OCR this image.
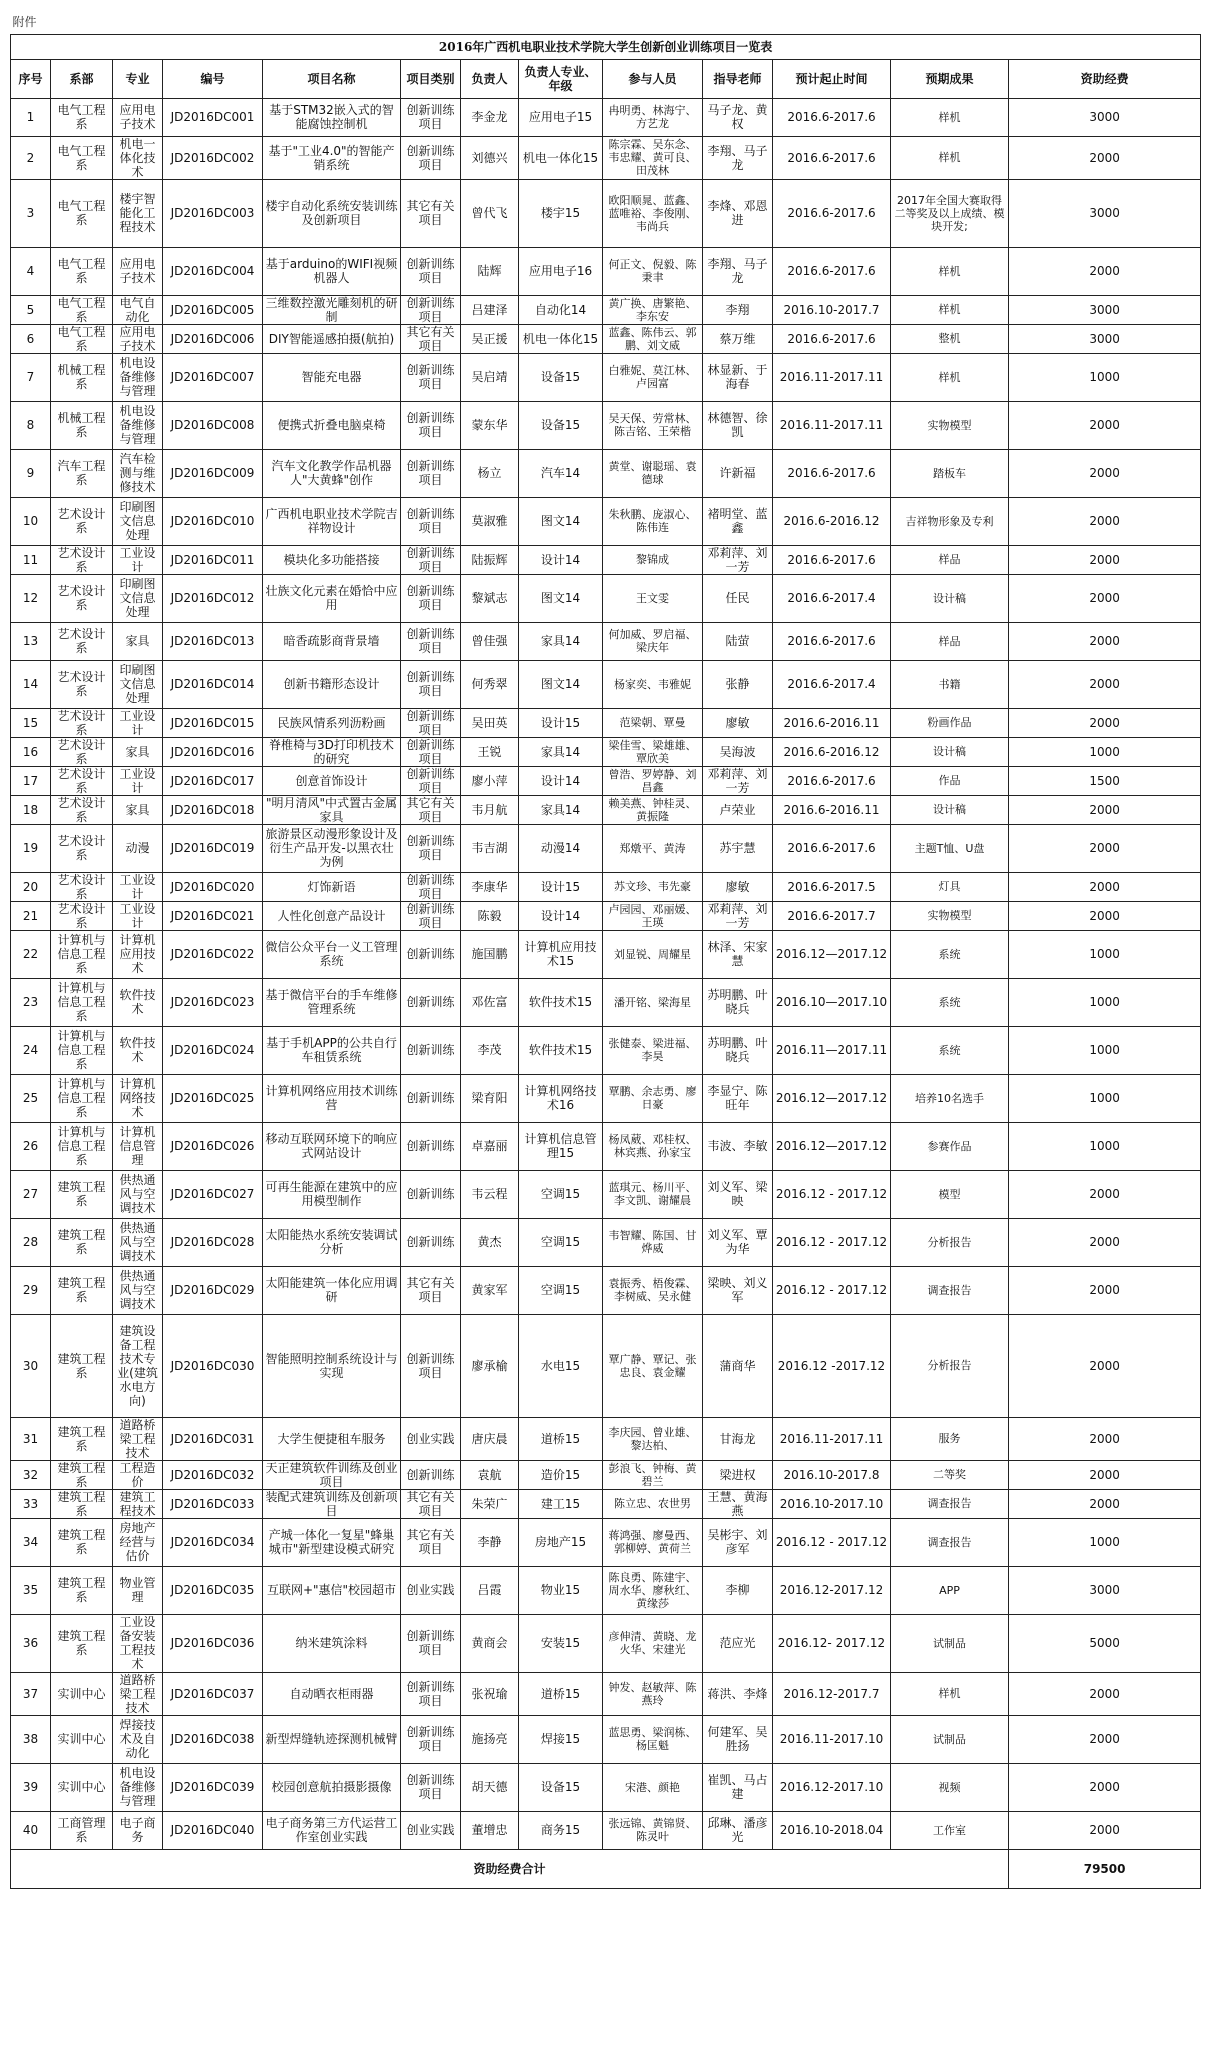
附件												
2016年广西机电职业技术学院大学生创新创业训练项目一览表												
序号	系部	专业	编号	项目名称	项目类别	负责人	负责人专业、年级	参与人员	指导老师	预计起止时间	预期成果	资助经费
1	电气工程系	应用电子技术	JD2016DC001	基于STM32嵌入式的智能腐蚀控制机	创新训练项目	李金龙	应用电子15	冉明勇、林海宁、方艺龙	马子龙、黄权	2016.6-2017.6	样机	3000
2	电气工程系	机电一体化技术	JD2016DC002	基于"工业4.0"的智能产销系统	创新训练项目	刘德兴	机电一体化15	陈宗霖、吴东念、韦忠耀、黄可良、田茂林	李翔、马子龙	2016.6-2017.6	样机	2000
3	电气工程系	楼宇智能化工程技术	JD2016DC003	楼宇自动化系统安装训练及创新项目	其它有关项目	曾代飞	楼宇15	欧阳顺晁、蓝鑫、蓝唯裕、李俊刚、韦尚兵	李烽、邓恩进	2016.6-2017.6	2017年全国大赛取得二等奖及以上成绩、模块开发;	3000
4	电气工程系	应用电子技术	JD2016DC004	基于arduino的WIFI视频机器人	创新训练项目	陆辉	应用电子16	何正文、倪毅、陈秉聿	李翔、马子龙	2016.6-2017.6	样机	2000
5	电气工程系	电气自动化	JD2016DC005	三维数控激光雕刻机的研制	创新训练项目	吕建泽	自动化14	黄广换、唐繁艳、李东安	李翔	2016.10-2017.7	样机	3000
6	电气工程系	应用电子技术	JD2016DC006	DIY智能遥感拍摄(航拍)	其它有关项目	吴正援	机电一体化15	蓝鑫、陈伟云、郭鹏、刘文威	蔡万维	2016.6-2017.6	整机	3000
7	机械工程系	机电设备维修与管理	JD2016DC007	智能充电器	创新训练项目	吴启靖	设备15	白雅妮、莫江林、卢园富	林显新、于海春	2016.11-2017.11	样机	1000
8	机械工程系	机电设备维修与管理	JD2016DC008	便携式折叠电脑桌椅	创新训练项目	蒙东华	设备15	吴天保、劳常林、陈吉铭、王荣楷	林德智、徐凯	2016.11-2017.11	实物模型	2000
9	汽车工程系	汽车检测与维修技术	JD2016DC009	汽车文化教学作品机器人"大黄蜂"创作	创新训练项目	杨立	汽车14	黄堂、谢聪瑶、袁德球	许新福	2016.6-2017.6	踏板车	2000
10	艺术设计系	印刷图文信息处理	JD2016DC010	广西机电职业技术学院吉祥物设计	创新训练项目	莫淑雅	图文14	朱秋鹏、庞淑心、陈伟连	褚明堂、蓝鑫	2016.6-2016.12	吉祥物形象及专利	2000
11	艺术设计系	工业设计	JD2016DC011	模块化多功能搭接	创新训练项目	陆振辉	设计14	黎锦成	邓莉萍、刘一芳	2016.6-2017.6	样品	2000
12	艺术设计系	印刷图文信息处理	JD2016DC012	壮族文化元素在婚恰中应用	创新训练项目	黎斌志	图文14	王文雯	任民	2016.6-2017.4	设计稿	2000
13	艺术设计系	家具	JD2016DC013	暗香疏影商背景墙	创新训练项目	曾佳强	家具14	何加威、罗启福、梁庆年	陆萤	2016.6-2017.6	样品	2000
14	艺术设计系	印刷图文信息处理	JD2016DC014	创新书籍形态设计	创新训练项目	何秀翠	图文14	杨家奕、韦雅妮	张静	2016.6-2017.4	书籍	2000
15	艺术设计系	工业设计	JD2016DC015	民族风情系列沥粉画	创新训练项目	吴田英	设计15	范梁朝、覃曼	廖敏	2016.6-2016.11	粉画作品	2000
16	艺术设计系	家具	JD2016DC016	脊椎椅与3D打印机技术的研究	创新训练项目	王锐	家具14	梁佳雪、梁雄雄、覃欣美	吴海波	2016.6-2016.12	设计稿	1000
17	艺术设计系	工业设计	JD2016DC017	创意首饰设计	创新训练项目	廖小萍	设计14	曾浩、罗婷静、刘昌鑫	邓莉萍、刘一芳	2016.6-2017.6	作品	1500
18	艺术设计系	家具	JD2016DC018	"明月清风"中式置古金属家具	其它有关项目	韦月航	家具14	赖美燕、钟桂灵、黄振隆	卢荣业	2016.6-2016.11	设计稿	2000
19	艺术设计系	动漫	JD2016DC019	旅游景区动漫形象设计及衍生产品开发-以黑衣壮为例	创新训练项目	韦吉湖	动漫14	郑燉平、黄涛	苏宇慧	2016.6-2017.6	主题T恤、U盘	2000
20	艺术设计系	工业设计	JD2016DC020	灯饰新语	创新训练项目	李康华	设计15	苏文珍、韦先豪	廖敏	2016.6-2017.5	灯具	2000
21	艺术设计系	工业设计	JD2016DC021	人性化创意产品设计	创新训练项目	陈毅	设计14	卢园园、邓丽媛、王瑛	邓莉萍、刘一芳	2016.6-2017.7	实物模型	2000
22	计算机与信息工程系	计算机应用技术	JD2016DC022	微信公众平台一义工管理系统	创新训练	施国鹏	计算机应用技术15	刘显锐、周耀星	林泽、宋家慧	2016.12—2017.12	系统	1000
23	计算机与信息工程系	软件技术	JD2016DC023	基于微信平台的手车维修管理系统	创新训练	邓佐富	软件技术15	潘开铭、梁海星	苏明鹏、叶晓兵	2016.10—2017.10	系统	1000
24	计算机与信息工程系	软件技术	JD2016DC024	基于手机APP的公共自行车租赁系统	创新训练	李茂	软件技术15	张健泰、梁进福、李昊	苏明鹏、叶晓兵	2016.11—2017.11	系统	1000
25	计算机与信息工程系	计算机网络技术	JD2016DC025	计算机网络应用技术训练营	创新训练	梁育阳	计算机网络技术16	覃鹏、余志勇、廖日豪	李显宁、陈旺年	2016.12—2017.12	培养10名选手	1000
26	计算机与信息工程系	计算机信息管理	JD2016DC026	移动互联网环境下的响应式网站设计	创新训练	卓嘉丽	计算机信息管理15	杨凤葳、邓桂权、林宾燕、孙家宝	韦波、李敏	2016.12—2017.12	参赛作品	1000
27	建筑工程系	供热通风与空调技术	JD2016DC027	可再生能源在建筑中的应用模型制作	创新训练	韦云程	空调15	蓝琪元、杨川平、李文凯、谢耀晨	刘义军、梁映	2016.12 - 2017.12	模型	2000
28	建筑工程系	供热通风与空调技术	JD2016DC028	太阳能热水系统安装调试分析	创新训练	黄杰	空调15	韦智耀、陈国、甘烨威	刘义军、覃为华	2016.12 - 2017.12	分析报告	2000
29	建筑工程系	供热通风与空调技术	JD2016DC029	太阳能建筑一体化应用调研	其它有关项目	黄家军	空调15	袁振秀、梧俊霖、李树威、吴永健	梁映、刘义军	2016.12 - 2017.12	调查报告	2000
30	建筑工程系	建筑设备工程技术专业(建筑水电方向)	JD2016DC030	智能照明控制系统设计与实现	创新训练项目	廖承榆	水电15	覃广静、覃记、张忠良、袁金耀	蒲商华	2016.12 -2017.12	分析报告	2000
31	建筑工程系	道路桥梁工程技术	JD2016DC031	大学生便捷租车服务	创业实践	唐庆晨	道桥15	李庆园、曾业雄、黎达柏、	甘海龙	2016.11-2017.11	服务	2000
32	建筑工程系	工程造价	JD2016DC032	天正建筑软件训练及创业项目	创新训练	袁航	造价15	彭浪飞、钟梅、黄碧兰	梁进权	2016.10-2017.8	二等奖	2000
33	建筑工程系	建筑工程技术	JD2016DC033	装配式建筑训练及创新项目	其它有关项目	朱荣广	建工15	陈立忠、农世男	王慧、黄海燕	2016.10-2017.10	调查报告	2000
34	建筑工程系	房地产经营与估价	JD2016DC034	产城一体化一复星"蜂巢城市"新型建设模式研究	其它有关项目	李静	房地产15	蒋鸿强、廖曼西、郭柳婷、黄荷兰	吴彬宇、刘彦军	2016.12 - 2017.12	调查报告	1000
35	建筑工程系	物业管理	JD2016DC035	互联网+"惠信"校园超市	创业实践	吕霞	物业15	陈良勇、陈建宇、周水华、廖秋红、黄缘莎	李柳	2016.12-2017.12	APP	3000
36	建筑工程系	工业设备安装工程技术	JD2016DC036	纳米建筑涂料	创新训练项目	黄商会	安装15	彦伸清、黄晓、龙火华、宋建光	范应光	2016.12- 2017.12	试制品	5000
37	实训中心	道路桥梁工程技术	JD2016DC037	自动晒衣柜雨器	创新训练项目	张祝瑜	道桥15	钟发、赵敏萍、陈燕玲	蒋洪、李烽	2016.12-2017.7	样机	2000
38	实训中心	焊接技术及自动化	JD2016DC038	新型焊缝轨迹探测机械臂	创新训练项目	施扬亮	焊接15	蓝思勇、梁润栋、杨匡魁	何建军、吴胜扬	2016.11-2017.10	试制品	2000
39	实训中心	机电设备维修与管理	JD2016DC039	校园创意航拍摄影摄像	创新训练项目	胡天德	设备15	宋港、颜艳	崔凯、马占建	2016.12-2017.10	视频	2000
40	工商管理系	电子商务	JD2016DC040	电子商务第三方代运营工作室创业实践	创业实践	董增忠	商务15	张远锦、黄锦贤、陈灵叶	邱琳、潘彦光	2016.10-2018.04	工作室	2000
资助经费合计												79500
